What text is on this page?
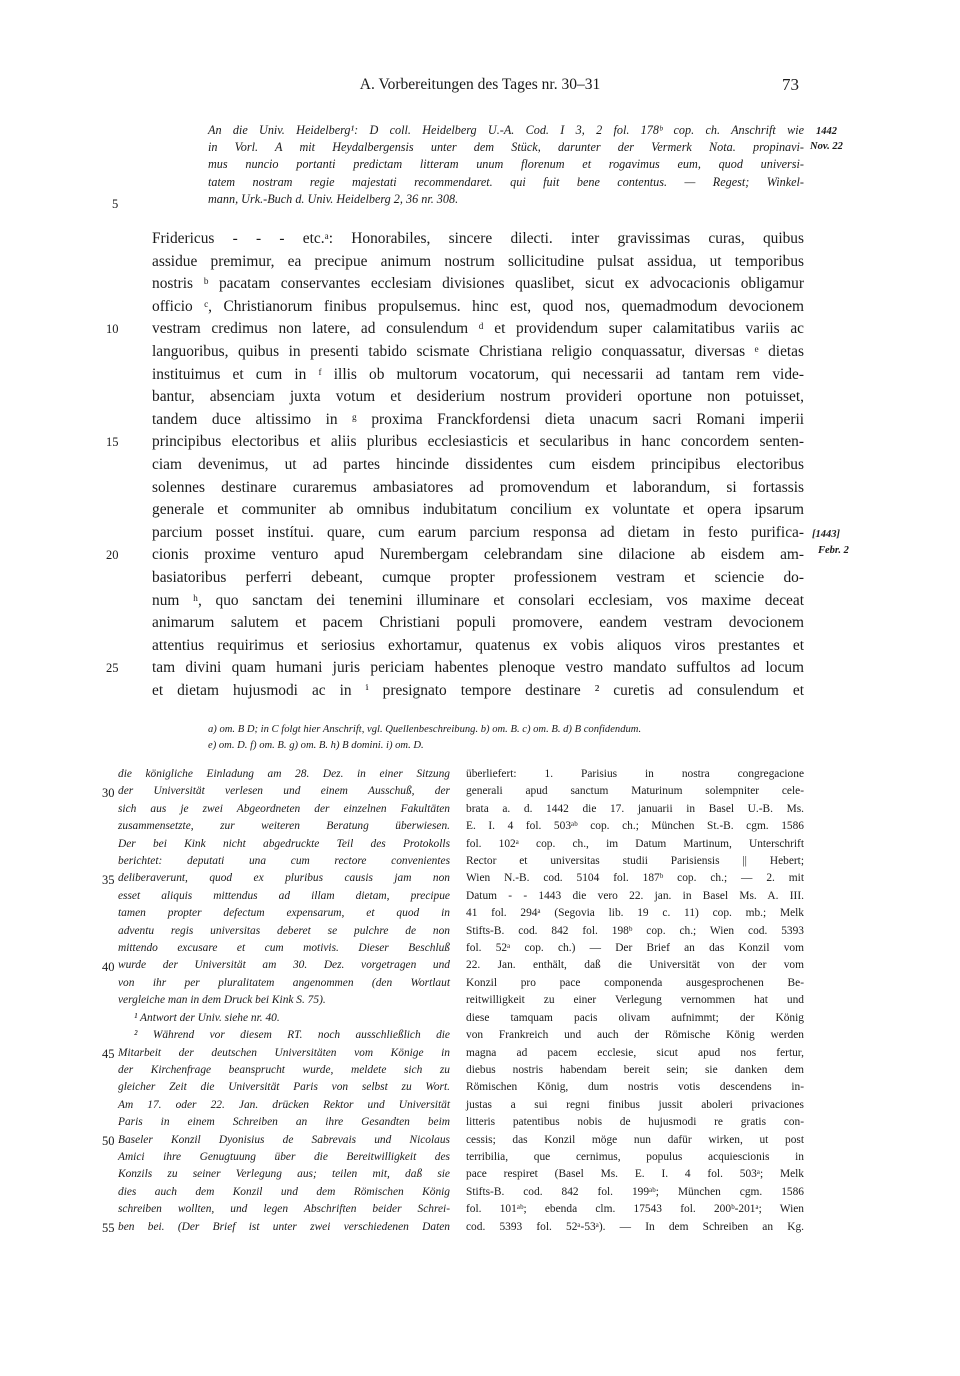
A. Vorbereitungen des Tages nr. 30–31	73
1442
Nov. 22
[1443]
Febr. 2
5
10
15
20
25
30
35
40
45
50
55
An die Univ. Heidelberg¹: D coll. Heidelberg U.-A. Cod. I 3, 2 fol. 178ᵇ cop. ch. Anschrift wie
in Vorl. A mit Heydalbergensis unter dem Stück, darunter der Vermerk Nota. propinavi-
mus nuncio portanti predictam litteram unum florenum et rogavimus eum, quod universi-
tatem nostram regie majestati recommendaret. qui fuit bene contentus. — Regest; Winkel-
mann, Urk.-Buch d. Univ. Heidelberg 2, 36 nr. 308.
Fridericus - - - etc.ᵃ: Honorabiles, sincere dilecti. inter gravissimas curas, quibus
assidue premimur, ea precipue animum nostrum sollicitudine pulsat assidua, ut temporibus
nostris ᵇ pacatam conservantes ecclesiam divisiones quaslibet, sicut ex advocacionis obligamur
officio ᶜ, Christianorum finibus propulsemus. hinc est, quod nos, quemadmodum devocionem
vestram credimus non latere, ad consulendum ᵈ et providendum super calamitatibus variis ac
languoribus, quibus in presenti tabido scismate Christiana religio conquassatur, diversas ᵉ dietas
instituimus et cum in ᶠ illis ob multorum vocatorum, qui necessarii ad tantam rem vide-
bantur, absenciam juxta votum et desiderium nostrum provideri oportune non potuisset,
tandem duce altissimo in ᵍ proxima Franckfordensi dieta unacum sacri Romani imperii
principibus electoribus et aliis pluribus ecclesiasticis et secularibus in hanc concordem senten-
ciam devenimus, ut ad partes hincinde dissidentes cum eisdem principibus electoribus
solennes destinare curaremus ambasiatores ad promovendum et laborandum, si fortassis
generale et communiter ab omnibus indubitatum concilium ex voluntate et opera ipsarum
parcium posset instítui. quare, cum earum parcium responsa ad dietam in festo purifica-
cionis proxime venturo apud Nurembergam celebrandam sine dilacione ab eisdem am-
basiatoribus perferri debeant, cumque propter professionem vestram et sciencie do-
num ʰ, quo sanctam dei tenemini illuminare et consolari ecclesiam, vos maxime deceat
animarum salutem et pacem Christiani populi promovere, eandem vestram devocionem
attentius requirimus et seriosius exhortamur, quatenus ex vobis aliquos viros prestantes et
tam divini quam humani juris periciam habentes plenoque vestro mandato suffultos ad locum
et dietam hujusmodi ac in ⁱ presignato tempore destinare ² curetis ad consulendum et
a) om. B D; in C folgt hier Anschrift, vgl. Quellenbeschreibung. b) om. B. c) om. B. d) B confidendum.
e) om. D. f) om. B. g) om. B. h) B domini. i) om. D.
die königliche Einladung am 28. Dez. in einer Sitzung
der Universität verlesen und einem Ausschuß, der
sich aus je zwei Abgeordneten der einzelnen Fakultäten
zusammensetzte, zur weiteren Beratung überwiesen.
Der bei Kink nicht abgedruckte Teil des Protokolls
berichtet: deputati una cum rectore convenientes
deliberaverunt, quod ex pluribus causis jam non
esset aliquis mittendus ad illam dietam, precipue
tamen propter defectum expensarum, et quod in
adventu regis universitas deberet se pulchre de non
mittendo excusare et cum motivis. Dieser Beschluß
wurde der Universität am 30. Dez. vorgetragen und
von ihr per pluralitatem angenommen (den Wortlaut
vergleiche man in dem Druck bei Kink S. 75).
¹ Antwort der Univ. siehe nr. 40.
² Während vor diesem RT. noch ausschließlich die
Mitarbeit der deutschen Universitäten vom Könige in
der Kirchenfrage beansprucht wurde, meldete sich zu
gleicher Zeit die Universität Paris von selbst zu Wort.
Am 17. oder 22. Jan. drücken Rektor und Universität
Paris in einem Schreiben an ihre Gesandten beim
Baseler Konzil Dyonisius de Sabrevais und Nicolaus
Amici ihre Genugtuung über die Bereitwilligkeit des
Konzils zu seiner Verlegung aus; teilen mit, daß sie
dies auch dem Konzil und dem Römischen König
schreiben wollten, und legen Abschriften beider Schrei-
ben bei. (Der Brief ist unter zwei verschiedenen Daten
überliefert: 1. Parisius in nostra congregacione
generali apud sanctum Maturinum solempniter cele-
brata a. d. 1442 die 17. januarii in Basel U.-B. Ms.
E. I. 4 fol. 503ᵃᵇ cop. ch.; München St.-B. cgm. 1586
fol. 102ᵃ cop. ch., im Datum Martinum, Unterschrift
Rector et universitas studii Parisiensis || Hebert;
Wien N.-B. cod. 5104 fol. 187ᵇ cop. ch.; — 2. mit
Datum - - 1443 die vero 22. jan. in Basel Ms. A. III.
41 fol. 294ᵃ (Segovia lib. 19 c. 11) cop. mb.; Melk
Stifts-B. cod. 842 fol. 198ᵇ cop. ch.; Wien cod. 5393
fol. 52ᵃ cop. ch.) — Der Brief an das Konzil vom
22. Jan. enthält, daß die Universität von der vom
Konzil pro pace componenda ausgesprochenen Be-
reitwilligkeit zu einer Verlegung vernommen hat und
diese tamquam pacis olivam aufnimmt; der König
von Frankreich und auch der Römische König werden
magna ad pacem ecclesie, sicut apud nos fertur,
diebus nostris habendam bereit sein; sie danken dem
Römischen König, dum nostris votis descendens in-
justas a sui regni finibus jussit aboleri privaciones
litteris patentibus nobis de hujusmodi re gratis con-
cessis; das Konzil möge nun dafür wirken, ut post
terribilia, que cernimus, populus acquiescionis in
pace respiret (Basel Ms. E. I. 4 fol. 503ᵃ; Melk
Stifts-B. cod. 842 fol. 199ᵃᵇ; München cgm. 1586
fol. 101ᵃᵇ; ebenda clm. 17543 fol. 200ᵇ-201ᵃ; Wien
cod. 5393 fol. 52ᵃ-53ᵃ). — In dem Schreiben an Kg.
